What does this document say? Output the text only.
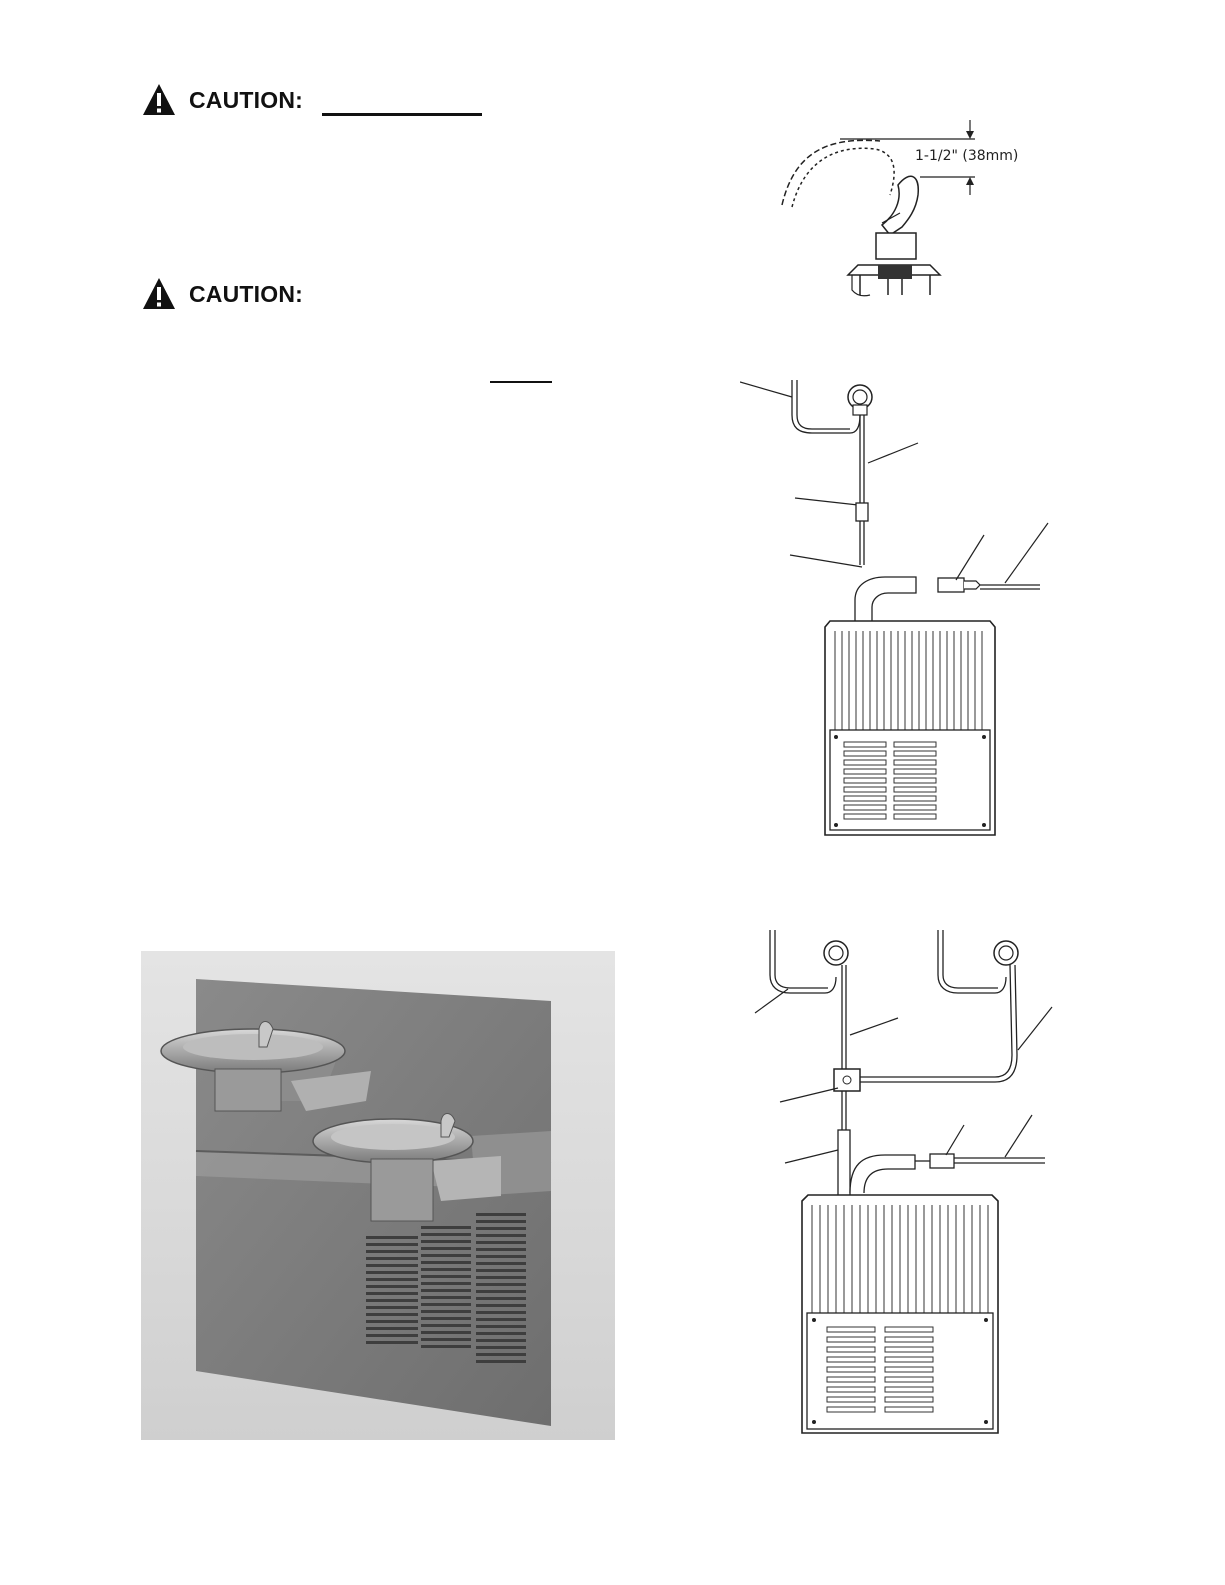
CAUTION:
CAUTION:
1-1/2" (38mm)
